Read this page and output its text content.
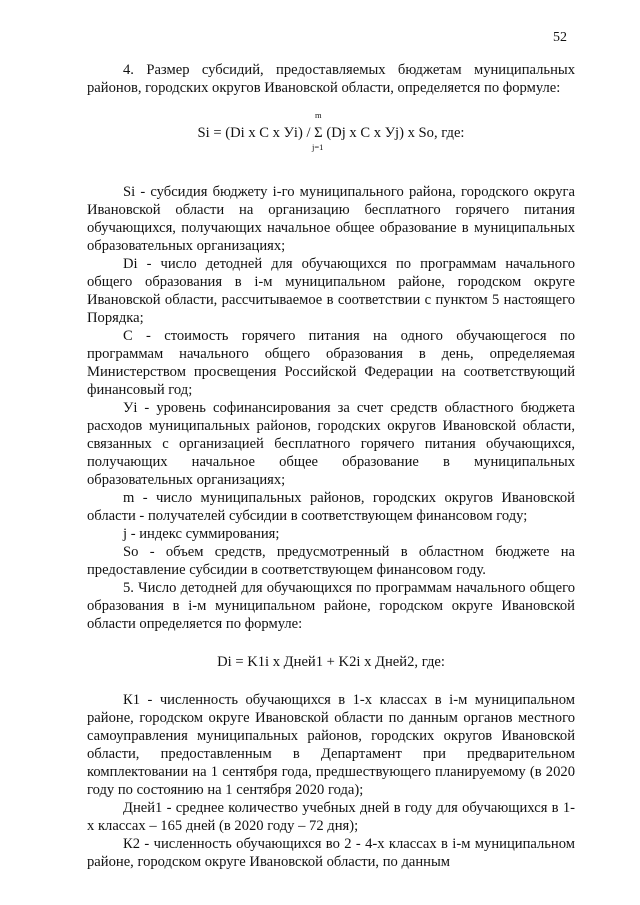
52

4. Размер субсидий, предоставляемых бюджетам муниципальных районов, городских округов Ивановской области, определяется по формуле:

m
Si = (Di x C x Уi) / Σ (Dj x C x Уj) x So, где:
j=1

Si - субсидия бюджету i-го муниципального района, городского округа Ивановской области на организацию бесплатного горячего питания обучающихся, получающих начальное общее образование в муниципальных образовательных организациях;

Di - число детодней для обучающихся по программам начального общего образования в i-м муниципальном районе, городском округе Ивановской области, рассчитываемое в соответствии с пунктом 5 настоящего Порядка;

С - стоимость горячего питания на одного обучающегося по программам начального общего образования в день, определяемая Министерством просвещения Российской Федерации на соответствующий финансовый год;

Уi - уровень софинансирования за счет средств областного бюджета расходов муниципальных районов, городских округов Ивановской области, связанных с организацией бесплатного горячего питания обучающихся, получающих начальное общее образование в муниципальных образовательных организациях;

m - число муниципальных районов, городских округов Ивановской области - получателей субсидии в соответствующем финансовом году;

j - индекс суммирования;

So - объем средств, предусмотренный в областном бюджете на предоставление субсидии в соответствующем финансовом году.

5. Число детодней для обучающихся по программам начального общего образования в i-м муниципальном районе, городском округе Ивановской области определяется по формуле:

Di = K1i x Дней1 + K2i x Дней2, где:

К1 - численность обучающихся в 1-х классах в i-м муниципальном районе, городском округе Ивановской области по данным органов местного самоуправления муниципальных районов, городских округов Ивановской области, предоставленным в Департамент при предварительном комплектовании на 1 сентября года, предшествующего планируемому (в 2020 году по состоянию на 1 сентября 2020 года);

Дней1 - среднее количество учебных дней в году для обучающихся в 1-х классах – 165 дней (в 2020 году – 72 дня);

К2 - численность обучающихся во 2 - 4-х классах в i-м муниципальном районе, городском округе Ивановской области, по данным
